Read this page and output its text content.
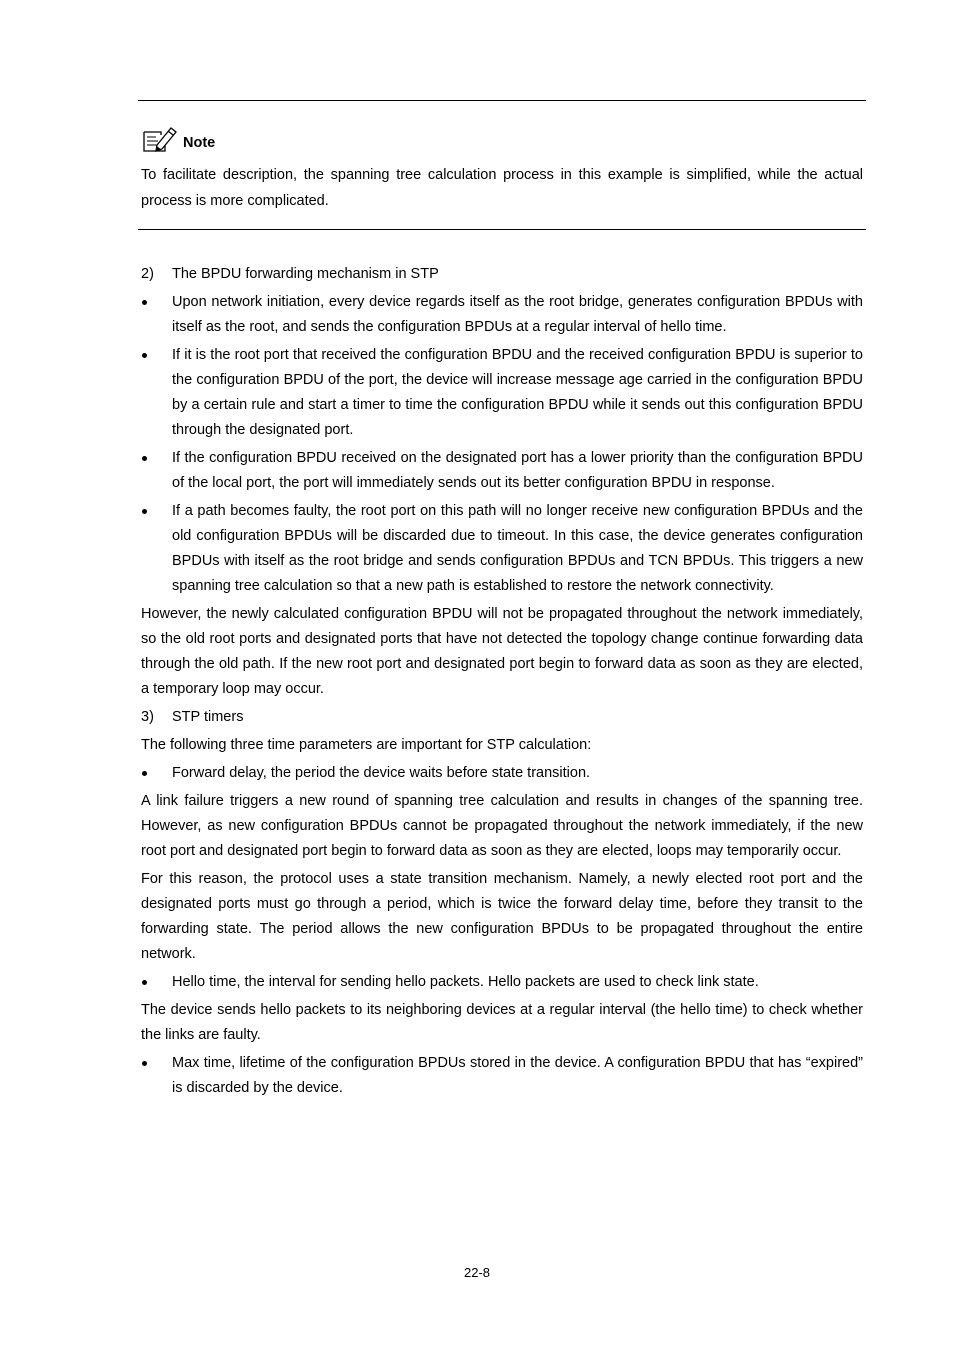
Note

To facilitate description, the spanning tree calculation process in this example is simplified, while the actual process is more complicated.

2) The BPDU forwarding mechanism in STP
Upon network initiation, every device regards itself as the root bridge, generates configuration BPDUs with itself as the root, and sends the configuration BPDUs at a regular interval of hello time.
If it is the root port that received the configuration BPDU and the received configuration BPDU is superior to the configuration BPDU of the port, the device will increase message age carried in the configuration BPDU by a certain rule and start a timer to time the configuration BPDU while it sends out this configuration BPDU through the designated port.
If the configuration BPDU received on the designated port has a lower priority than the configuration BPDU of the local port, the port will immediately sends out its better configuration BPDU in response.
If a path becomes faulty, the root port on this path will no longer receive new configuration BPDUs and the old configuration BPDUs will be discarded due to timeout. In this case, the device generates configuration BPDUs with itself as the root bridge and sends configuration BPDUs and TCN BPDUs. This triggers a new spanning tree calculation so that a new path is established to restore the network connectivity.

However, the newly calculated configuration BPDU will not be propagated throughout the network immediately, so the old root ports and designated ports that have not detected the topology change continue forwarding data through the old path. If the new root port and designated port begin to forward data as soon as they are elected, a temporary loop may occur.

3) STP timers

The following three time parameters are important for STP calculation:

Forward delay, the period the device waits before state transition.

A link failure triggers a new round of spanning tree calculation and results in changes of the spanning tree. However, as new configuration BPDUs cannot be propagated throughout the network immediately, if the new root port and designated port begin to forward data as soon as they are elected, loops may temporarily occur.

For this reason, the protocol uses a state transition mechanism. Namely, a newly elected root port and the designated ports must go through a period, which is twice the forward delay time, before they transit to the forwarding state. The period allows the new configuration BPDUs to be propagated throughout the entire network.

Hello time, the interval for sending hello packets. Hello packets are used to check link state.

The device sends hello packets to its neighboring devices at a regular interval (the hello time) to check whether the links are faulty.

Max time, lifetime of the configuration BPDUs stored in the device. A configuration BPDU that has “expired” is discarded by the device.
22-8
